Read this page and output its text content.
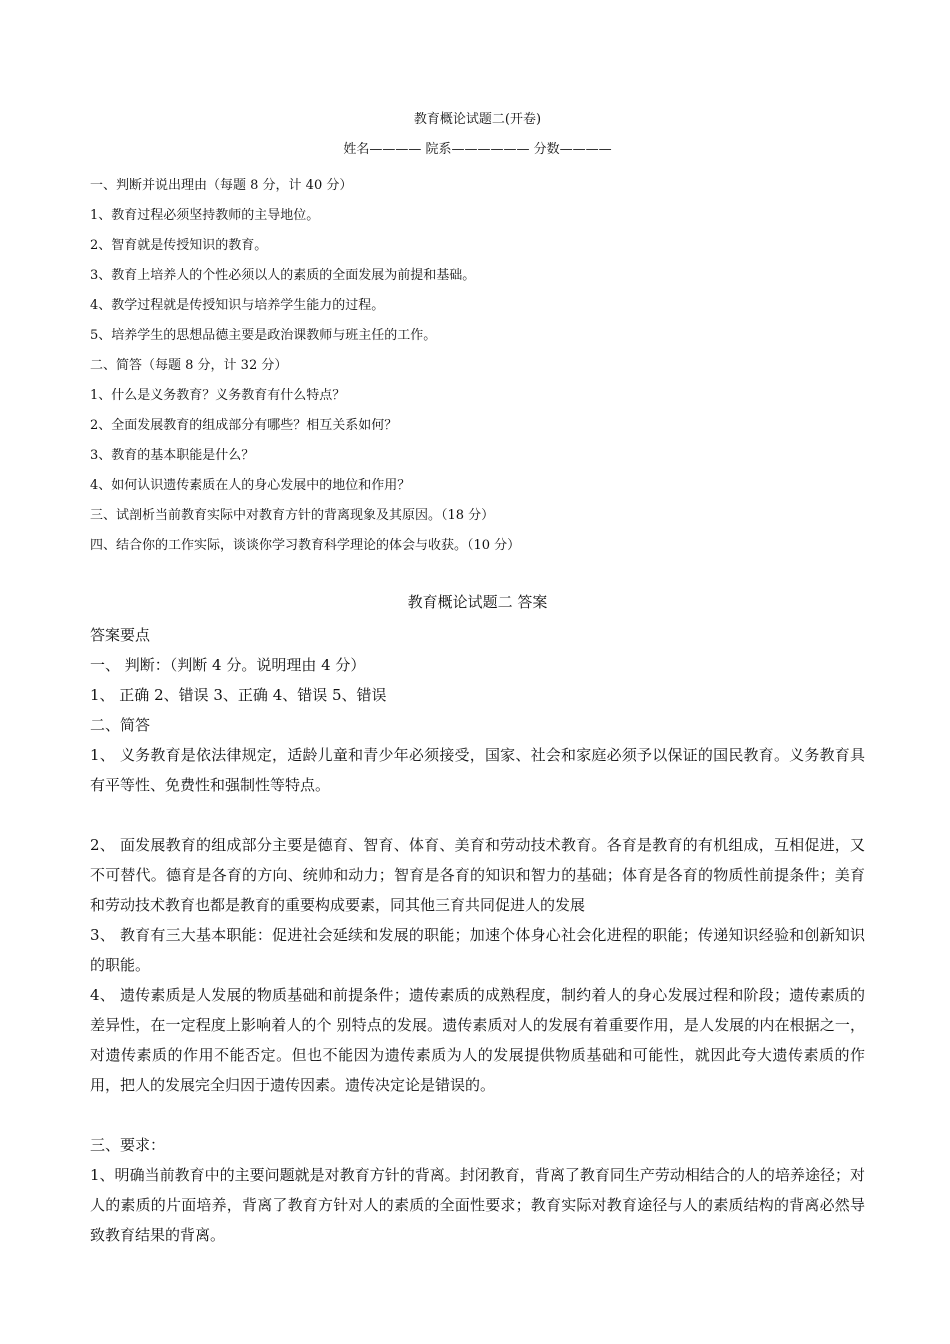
教育概论试题二(开卷)
姓名———— 院系—————— 分数————
一、判断并说出理由（每题 8 分，计 40 分）
1、教育过程必须坚持教师的主导地位。
2、智育就是传授知识的教育。
3、教育上培养人的个性必须以人的素质的全面发展为前提和基础。
4、教学过程就是传授知识与培养学生能力的过程。
5、培养学生的思想品德主要是政治课教师与班主任的工作。
二、简答（每题 8 分，计 32 分）
1、什么是义务教育？义务教育有什么特点？
2、全面发展教育的组成部分有哪些？相互关系如何？
3、教育的基本职能是什么？
4、如何认识遗传素质在人的身心发展中的地位和作用？
三、试剖析当前教育实际中对教育方针的背离现象及其原因。（18 分）
四、结合你的工作实际，谈谈你学习教育科学理论的体会与收获。（10 分）
教育概论试题二 答案
答案要点
一、 判断：（判断 4 分。说明理由 4 分）
1、 正确 2、错误 3、正确 4、错误 5、错误
二、简答
1、 义务教育是依法律规定，适龄儿童和青少年必须接受，国家、社会和家庭必须予以保证的国民教育。义务教育具有平等性、免费性和强制性等特点。
2、 面发展教育的组成部分主要是德育、智育、体育、美育和劳动技术教育。各育是教育的有机组成，互相促进，又不可替代。德育是各育的方向、统帅和动力；智育是各育的知识和智力的基础；体育是各育的物质性前提条件；美育和劳动技术教育也都是教育的重要构成要素，同其他三育共同促进人的发展
3、 教育有三大基本职能：促进社会延续和发展的职能；加速个体身心社会化进程的职能；传递知识经验和创新知识的职能。
4、 遗传素质是人发展的物质基础和前提条件；遗传素质的成熟程度，制约着人的身心发展过程和阶段；遗传素质的差异性，在一定程度上影响着人的个 别特点的发展。遗传素质对人的发展有着重要作用，是人发展的内在根据之一，对遗传素质的作用不能否定。但也不能因为遗传素质为人的发展提供物质基础和可能性，就因此夸大遗传素质的作用，把人的发展完全归因于遗传因素。遗传决定论是错误的。
三、要求：
1、明确当前教育中的主要问题就是对教育方针的背离。封闭教育，背离了教育同生产劳动相结合的人的培养途径；对人的素质的片面培养，背离了教育方针对人的素质的全面性要求；教育实际对教育途径与人的素质结构的背离必然导致教育结果的背离。
